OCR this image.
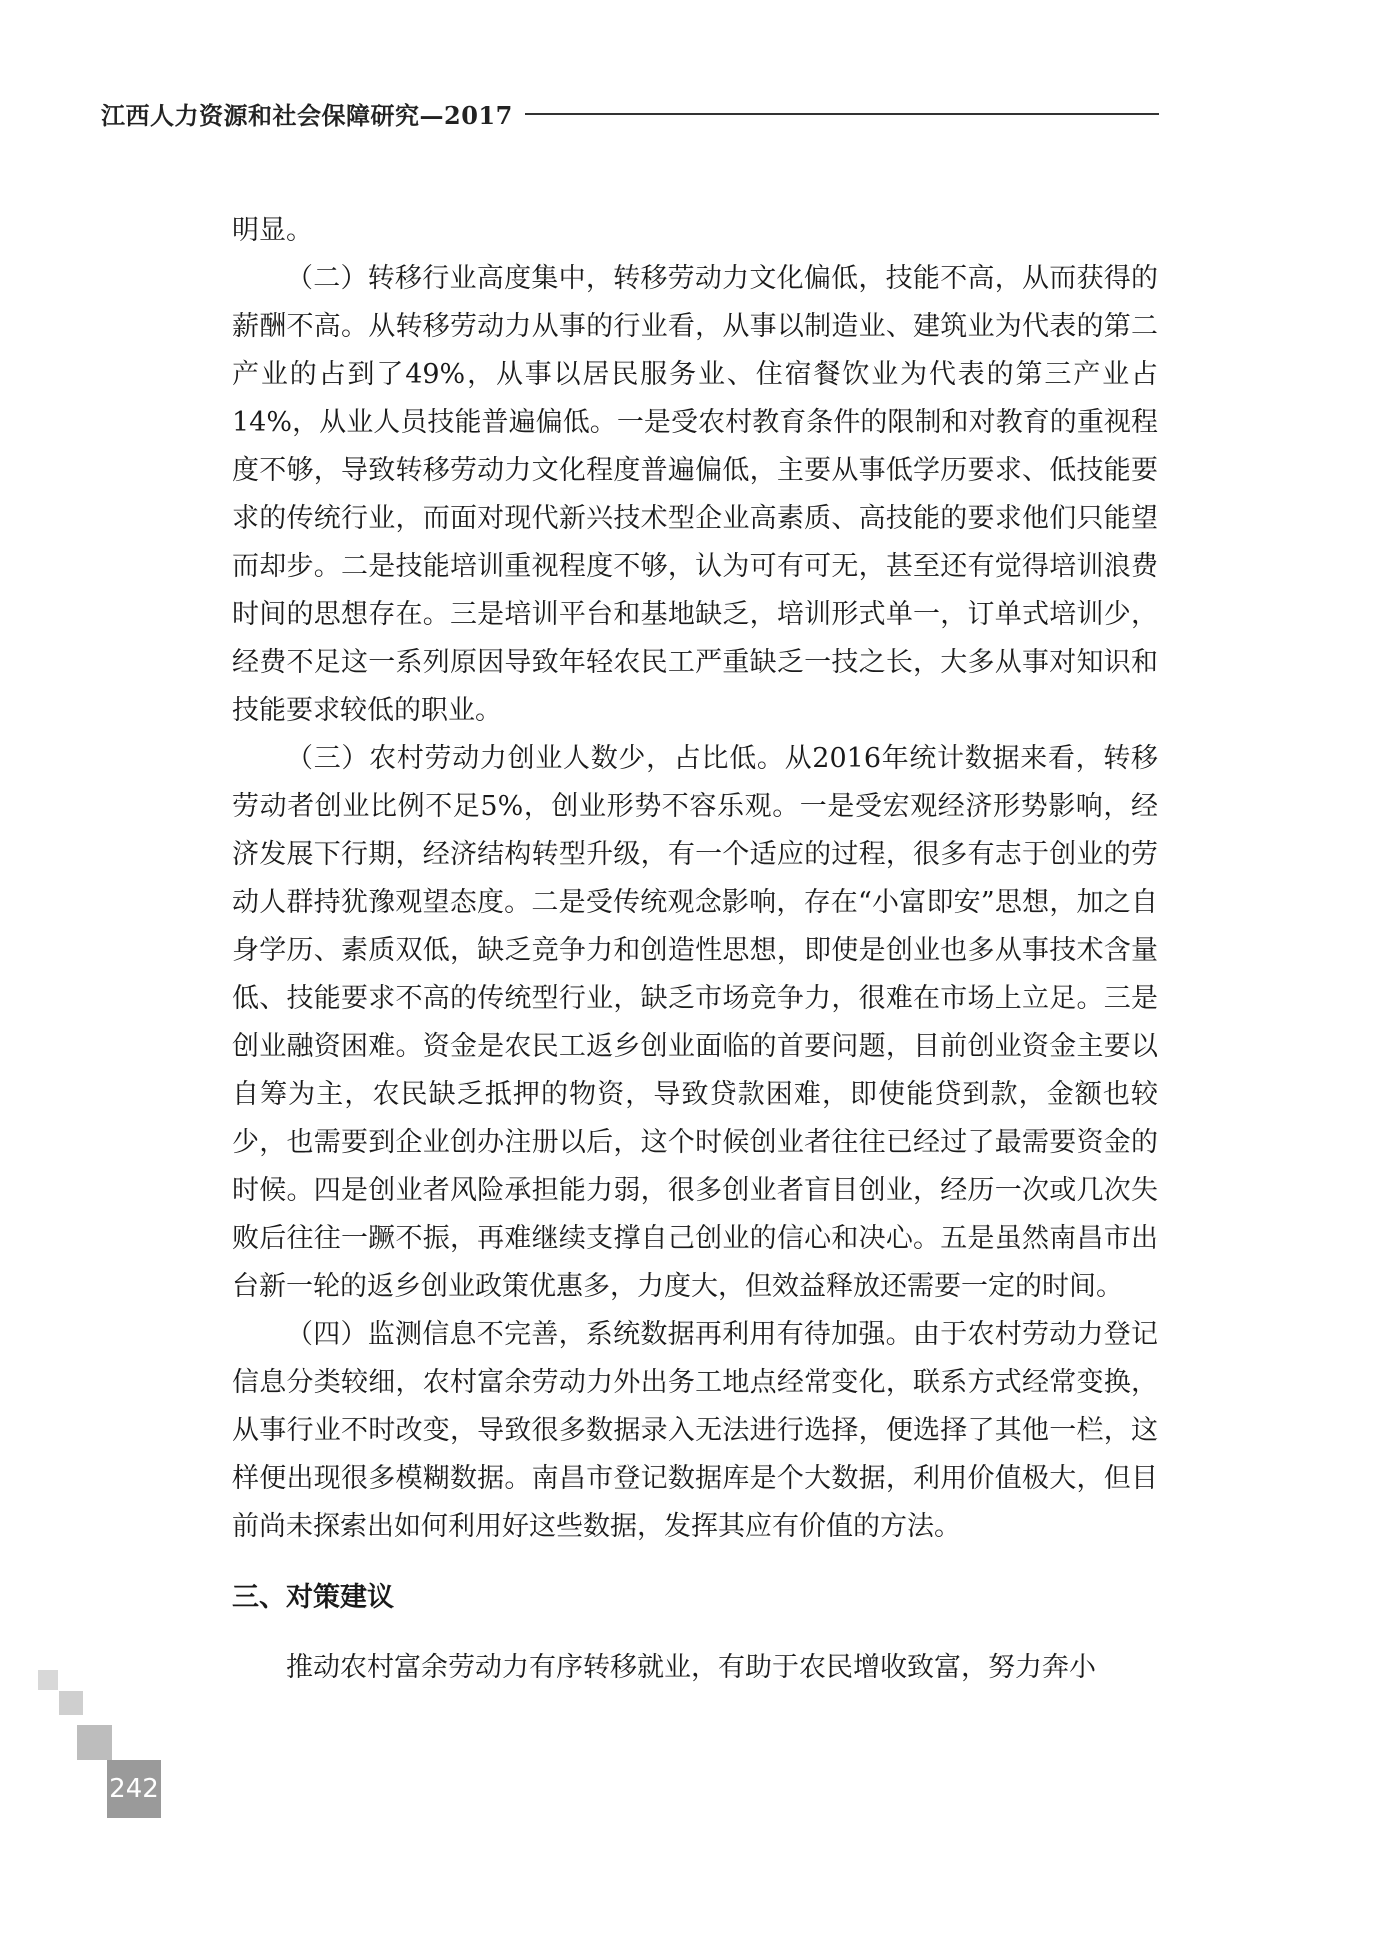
江西人力资源和社会保障研究—2017

明显。

（二）转移行业高度集中，转移劳动力文化偏低，技能不高，从而获得的薪酬不高。从转移劳动力从事的行业看，从事以制造业、建筑业为代表的第二产业的占到了49%，从事以居民服务业、住宿餐饮业为代表的第三产业占14%，从业人员技能普遍偏低。一是受农村教育条件的限制和对教育的重视程度不够，导致转移劳动力文化程度普遍偏低，主要从事低学历要求、低技能要求的传统行业，而面对现代新兴技术型企业高素质、高技能的要求他们只能望而却步。二是技能培训重视程度不够，认为可有可无，甚至还有觉得培训浪费时间的思想存在。三是培训平台和基地缺乏，培训形式单一，订单式培训少，经费不足这一系列原因导致年轻农民工严重缺乏一技之长，大多从事对知识和技能要求较低的职业。

（三）农村劳动力创业人数少，占比低。从2016年统计数据来看，转移劳动者创业比例不足5%，创业形势不容乐观。一是受宏观经济形势影响，经济发展下行期，经济结构转型升级，有一个适应的过程，很多有志于创业的劳动人群持犹豫观望态度。二是受传统观念影响，存在“小富即安”思想，加之自身学历、素质双低，缺乏竞争力和创造性思想，即使是创业也多从事技术含量低、技能要求不高的传统型行业，缺乏市场竞争力，很难在市场上立足。三是创业融资困难。资金是农民工返乡创业面临的首要问题，目前创业资金主要以自筹为主，农民缺乏抵押的物资，导致贷款困难，即使能贷到款，金额也较少，也需要到企业创办注册以后，这个时候创业者往往已经过了最需要资金的时候。四是创业者风险承担能力弱，很多创业者盲目创业，经历一次或几次失败后往往一蹶不振，再难继续支撑自己创业的信心和决心。五是虽然南昌市出台新一轮的返乡创业政策优惠多，力度大，但效益释放还需要一定的时间。

（四）监测信息不完善，系统数据再利用有待加强。由于农村劳动力登记信息分类较细，农村富余劳动力外出务工地点经常变化，联系方式经常变换，从事行业不时改变，导致很多数据录入无法进行选择，便选择了其他一栏，这样便出现很多模糊数据。南昌市登记数据库是个大数据，利用价值极大，但目前尚未探索出如何利用好这些数据，发挥其应有价值的方法。

三、对策建议

推动农村富余劳动力有序转移就业，有助于农民增收致富，努力奔小

242
